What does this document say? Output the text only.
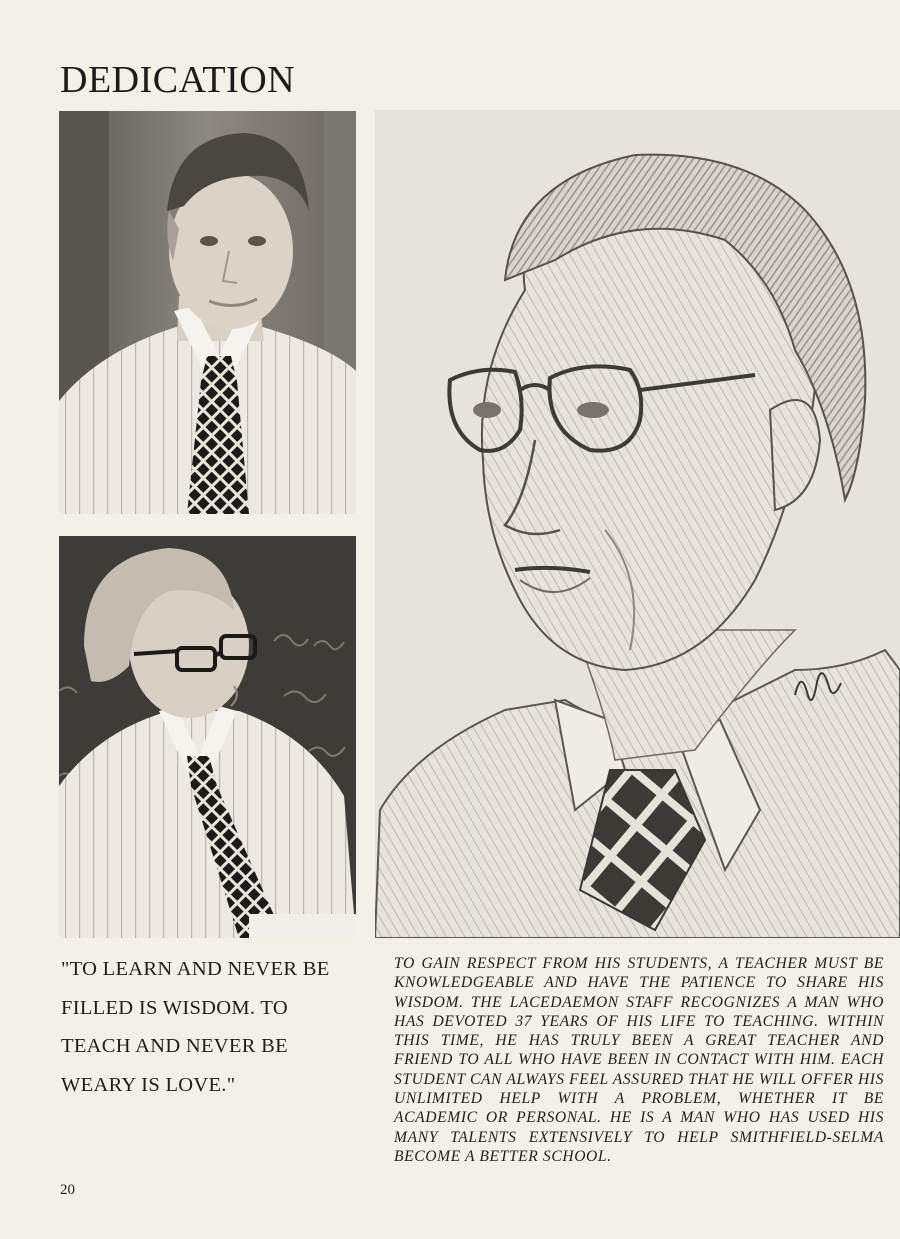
DEDICATION

"TO LEARN AND NEVER BE
FILLED IS WISDOM. TO
TEACH AND NEVER BE
WEARY IS LOVE."

TO GAIN RESPECT FROM HIS STUDENTS, A TEACHER MUST BE KNOWLEDGEABLE AND HAVE THE PATIENCE TO SHARE HIS WISDOM. THE LACEDAEMON STAFF RECOGNIZES A MAN WHO HAS DEVOTED 37 YEARS OF HIS LIFE TO TEACHING. WITHIN THIS TIME, HE HAS TRULY BEEN A GREAT TEACHER AND FRIEND TO ALL WHO HAVE BEEN IN CONTACT WITH HIM. EACH STUDENT CAN ALWAYS FEEL ASSURED THAT HE WILL OFFER HIS UNLIMITED HELP WITH A PROBLEM, WHETHER IT BE ACADEMIC OR PERSONAL. HE IS A MAN WHO HAS USED HIS MANY TALENTS EXTENSIVELY TO HELP SMITHFIELD-SELMA BECOME A BETTER SCHOOL.

20
